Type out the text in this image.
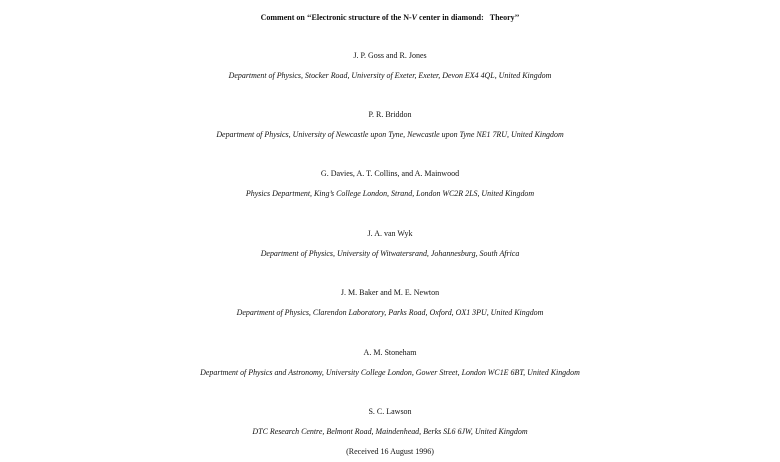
Comment on ‘‘Electronic structure of the N-V center in diamond:   Theory’’
J. P. Goss and R. Jones
Department of Physics, Stocker Road, University of Exeter, Exeter, Devon EX4 4QL, United Kingdom
P. R. Briddon
Department of Physics, University of Newcastle upon Tyne, Newcastle upon Tyne NE1 7RU, United Kingdom
G. Davies, A. T. Collins, and A. Mainwood
Physics Department, King’s College London, Strand, London WC2R 2LS, United Kingdom
J. A. van Wyk
Department of Physics, University of Witwatersrand, Johannesburg, South Africa
J. M. Baker and M. E. Newton
Department of Physics, Clarendon Laboratory, Parks Road, Oxford, OX1 3PU, United Kingdom
A. M. Stoneham
Department of Physics and Astronomy, University College London, Gower Street, London WC1E 6BT, United Kingdom
S. C. Lawson
DTC Research Centre, Belmont Road, Maindenhead, Berks SL6 6JW, United Kingdom
(Received 16 August 1996)
